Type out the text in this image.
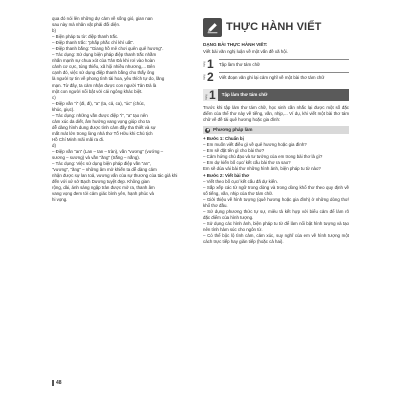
qua đó nói lên những dự cảm về sống gió, gian nan

sau này mà nhân vật phải đối diện.

b)

– Biện pháp tu từ: điệp thanh trắc.

– Điệp thanh trắc: "phấp phắc chí khí uất".

– Điệp thanh bằng: "Giang hồ mê chơi quên quê hương".

– Tác dụng: Sử dụng biện pháp điệp thanh trắc nhằm

nhấn mạnh sự chua xót của Tản Đà khi rơi vào hoàn

cảnh cơ cực, túng thiếu, xã hội nhiều nhương,... Bên

cạnh đó, việc sử dụng điệp thanh bằng cho thấy ông

là người tự tin về phong tình tài hoa, yêu thích tự do, lãng

mạn. Từ đây, ta cảm nhận được con người Tản Đà là

một con người nổi bật với cái ngông khác biệt.

c)

– Điệp vần "i" (đi, đi), "a" (ta, cả, ca), "úc" (chúc,

khúc, giục).

– Tác dụng: những vần được điệp "i", "a" tạo nên

cảm xúc da diết, âm hưởng vang vọng giúp cho ta

dễ dàng hình dung được tình cảm đầy tha thiết và sự

mất mát lớn trong lòng nhà thơ Tố Hữu khi Chủ tịch

Hồ Chí Minh mãi mãi ra đi.

d)

– Điệp vần "an" (Lan – tan – tràn), vần "vương" (vướng –

sương – sương) và vần "ăng" (trắng – nắng).

– Tác dụng: Việc sử dụng biện pháp điệp vần "an",

"vương", "ăng" – những âm mở khiến ta dễ dàng cảm

nhận được sự lan toả, vương vấn của sự thương của tác giả khi

đến với xứ sở Bạch Dương tuyệt đẹp. Không gian

rộng, dài, ánh sáng ngập tràn được mở ra, thanh âm

vang vọng đem tới cảm giác bình yên, hạnh phúc và

hi vọng.

THỰC HÀNH VIẾT
DẠNG BÀI THỰC HÀNH VIẾT:
Viết bài văn nghị luận về một vấn đề xã hội.
Dạng 1 Tập làm thơ tám chữ
Dạng 2 Viết đoạn văn ghi lại cảm nghĩ về một bài thơ tám chữ
Dạng 1	Tập làm thơ tám chữ
Trước khi tập làm thơ tám chữ, học sinh cần nhắc lại được một số đặc điểm của thể thơ này về tiếng, vần, nhịp,... Ví dụ, khi viết một bài thơ tám chữ về đề tài quê hương hoặc gia đình:
Phương pháp làm

+ Bước 1: Chuẩn bị

– Em muốn viết điều gì về quê hương hoặc gia đình?

– Em sẽ đặt tên gì cho bài thơ?

– Cảm hứng chủ đạo và tư tưởng của em trong bài thơ là gì?

– Em dự kiến bố cục/ kết cấu bài thơ ra sao?

Em sẽ dùa vài bài thơ những hình ảnh, biện pháp tu từ nào?

+ Bước 2: Viết bài thơ

– Viết theo bố cục/ kết cấu đã dự kiến.

– Sắp xếp các từ ngữ trong dòng và trong dòng khổ thơ theo quy định về số tiếng, vần, nhịp của thơ tám chữ.

– Giới thiệu về hình tượng (quê hương hoặc gia đình) ở những dòng thơ/ khổ thơ đầu.

– Sử dụng phương thức tự sự, miêu tả kết hợp với biểu cảm để làm rõ đặc điểm của hình tượng.

– Sử dụng các hình ảnh, biện pháp tu từ để làm nổi bật hình tượng và tạo nên tính hàm súc cho ngôn từ.

– Có thể bộc lộ tình cảm, cảm xúc, suy nghĩ của em về hình tượng một cách trực tiếp hay gián tiếp (hoặc cả hai).

48
